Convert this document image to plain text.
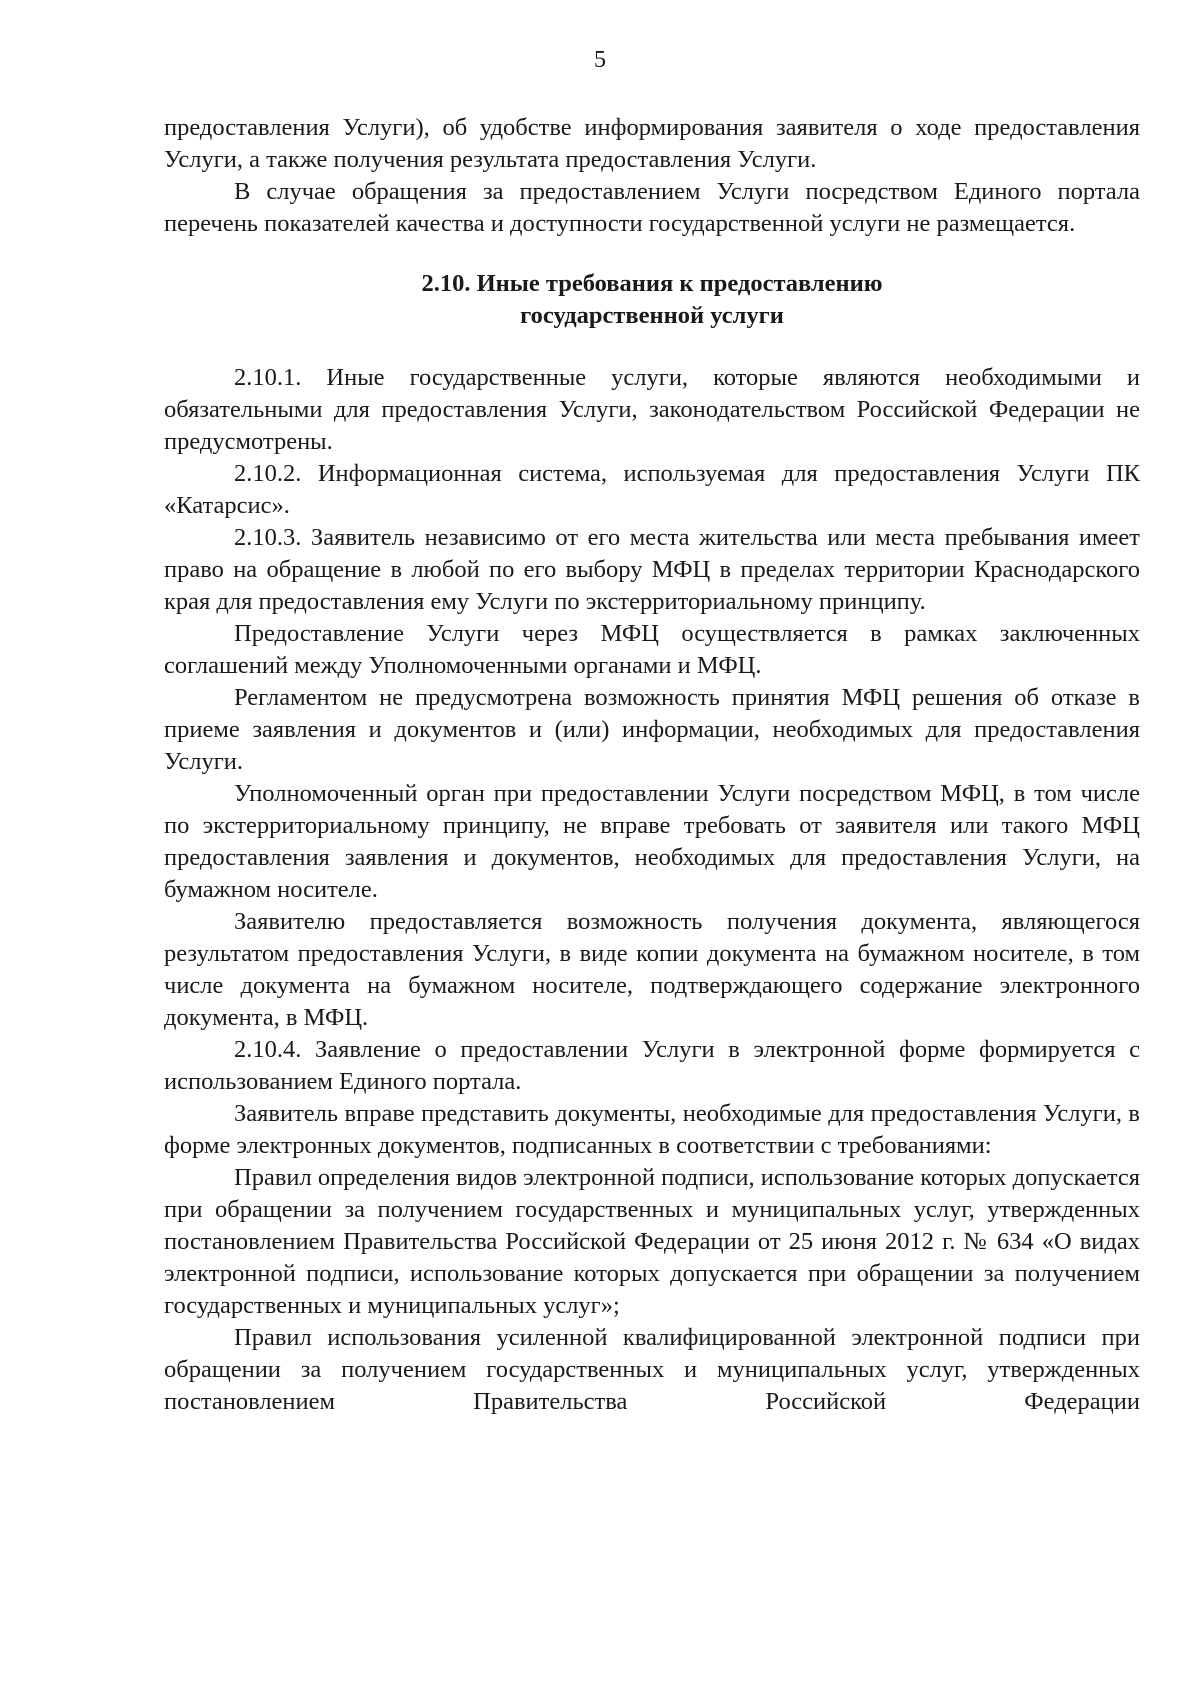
5

предоставления Услуги), об удобстве информирования заявителя о ходе предоставления Услуги, а также получения результата предоставления Услуги.

В случае обращения за предоставлением Услуги посредством Единого портала перечень показателей качества и доступности государственной услуги не размещается.

2.10. Иные требования к предоставлению
государственной услуги

2.10.1. Иные государственные услуги, которые являются необходимыми и обязательными для предоставления Услуги, законодательством Российской Федерации не предусмотрены.

2.10.2. Информационная система, используемая для предоставления Услуги ПК «Катарсис».

2.10.3. Заявитель независимо от его места жительства или места пребывания имеет право на обращение в любой по его выбору МФЦ в пределах территории Краснодарского края для предоставления ему Услуги по экстерриториальному принципу.

Предоставление Услуги через МФЦ осуществляется в рамках заключенных соглашений между Уполномоченными органами и МФЦ.

Регламентом не предусмотрена возможность принятия МФЦ решения об отказе в приеме заявления и документов и (или) информации, необходимых для предоставления Услуги.

Уполномоченный орган при предоставлении Услуги посредством МФЦ, в том числе по экстерриториальному принципу, не вправе требовать от заявителя или такого МФЦ предоставления заявления и документов, необходимых для предоставления Услуги, на бумажном носителе.

Заявителю предоставляется возможность получения документа, являющегося результатом предоставления Услуги, в виде копии документа на бумажном носителе, в том числе документа на бумажном носителе, подтверждающего содержание электронного документа, в МФЦ.

2.10.4. Заявление о предоставлении Услуги в электронной форме формируется с использованием Единого портала.

Заявитель вправе представить документы, необходимые для предоставления Услуги, в форме электронных документов, подписанных в соответствии с требованиями:

Правил определения видов электронной подписи, использование которых допускается при обращении за получением государственных и муниципальных услуг, утвержденных постановлением Правительства Российской Федерации от 25 июня 2012 г. № 634 «О видах электронной подписи, использование которых допускается при обращении за получением государственных и муниципальных услуг»;

Правил использования усиленной квалифицированной электронной подписи при обращении за получением государственных и муниципальных услуг, утвержденных постановлением Правительства Российской Федерации
